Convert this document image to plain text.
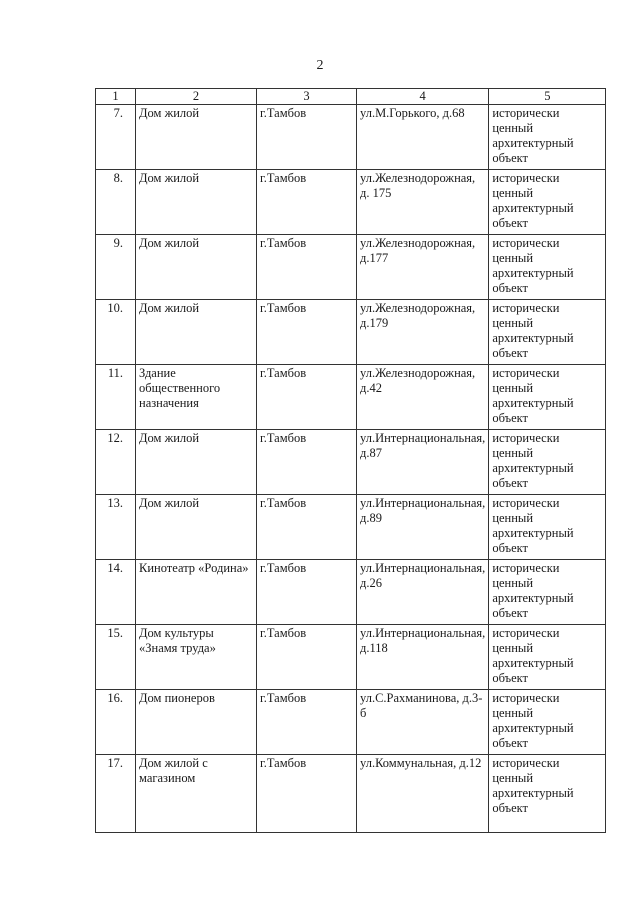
2
1	2	3	4	5
7.	Дом жилой	г.Тамбов	ул.М.Горького, д.68	исторически ценный архитектурный объект
8.	Дом жилой	г.Тамбов	ул.Железнодорожная, д. 175	исторически ценный архитектурный объект
9.	Дом жилой	г.Тамбов	ул.Железнодорожная, д.177	исторически ценный архитектурный объект
10.	Дом жилой	г.Тамбов	ул.Железнодорожная, д.179	исторически ценный архитектурный объект
11.	Здание общественного назначения	г.Тамбов	ул.Железнодорожная, д.42	исторически ценный архитектурный объект
12.	Дом жилой	г.Тамбов	ул.Интернациональная, д.87	исторически ценный архитектурный объект
13.	Дом жилой	г.Тамбов	ул.Интернациональная, д.89	исторически ценный архитектурный объект
14.	Кинотеатр «Родина»	г.Тамбов	ул.Интернациональная, д.26	исторически ценный архитектурный объект
15.	Дом культуры «Знамя труда»	г.Тамбов	ул.Интернациональная, д.118	исторически ценный архитектурный объект
16.	Дом пионеров	г.Тамбов	ул.С.Рахманинова, д.3-б	исторически ценный архитектурный объект
17.	Дом жилой с магазином	г.Тамбов	ул.Коммунальная, д.12	исторически ценный архитектурный объект
